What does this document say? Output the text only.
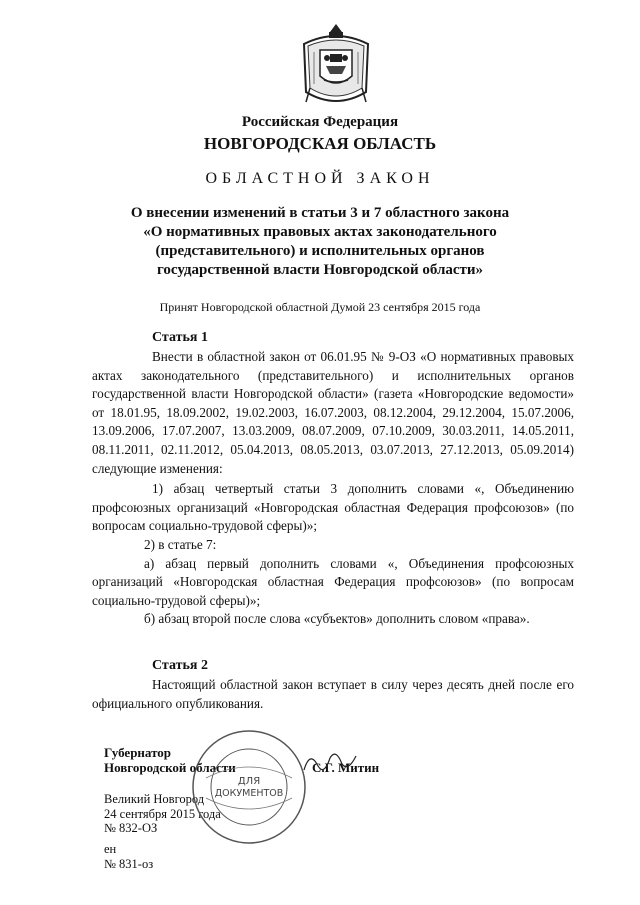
Российская Федерация
НОВГОРОДСКАЯ ОБЛАСТЬ
ОБЛАСТНОЙ ЗАКОН
О внесении изменений в статьи 3 и 7 областного закона
«О нормативных правовых актах законодательного
(представительного) и исполнительных органов
государственной власти Новгородской области»
Принят Новгородской областной Думой 23 сентября 2015 года
Статья 1

Внести в областной закон от 06.01.95 № 9-ОЗ «О нормативных правовых актах законодательного (представительного) и исполнительных органов государственной власти Новгородской области» (газета «Новгородские ведомости» от 18.01.95, 18.09.2002, 19.02.2003, 16.07.2003, 08.12.2004, 29.12.2004, 15.07.2006, 13.09.2006, 17.07.2007, 13.03.2009, 08.07.2009, 07.10.2009, 30.03.2011, 14.05.2011, 08.11.2011, 02.11.2012, 05.04.2013, 08.05.2013, 03.07.2013, 27.12.2013, 05.09.2014) следующие изменения:

1) абзац четвертый статьи 3 дополнить словами «, Объединению профсоюзных организаций «Новгородская областная Федерация профсоюзов» (по вопросам социально-трудовой сферы)»;

2) в статье 7:

а) абзац первый дополнить словами «, Объединения профсоюзных организаций «Новгородская областная Федерация профсоюзов» (по вопросам социально-трудовой сферы)»;

б) абзац второй после слова «субъектов» дополнить словом «права».

Статья 2

Настоящий областной закон вступает в силу через десять дней после его официального опубликования.

Губернатор
Новгородской области	С.Г. Митин
Великий Новгород
24 сентября 2015 года
№ 832-ОЗ
ен
№ 831-оз
ДЛЯ
ДОКУМЕНТОВ
